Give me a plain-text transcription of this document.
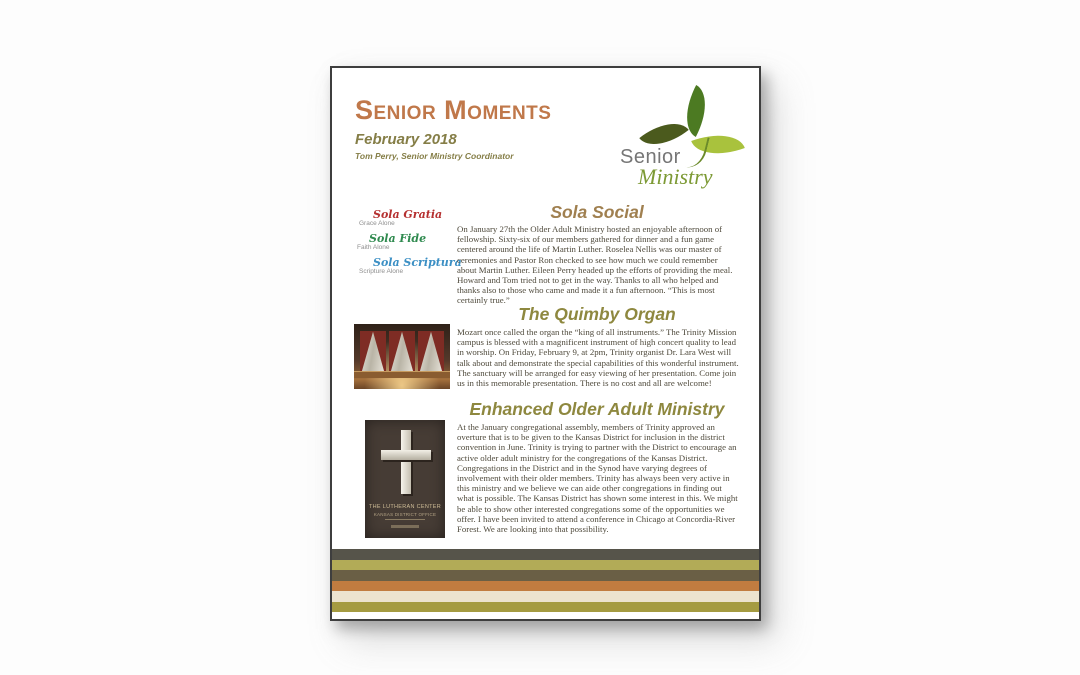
Senior Moments
February 2018
Tom Perry, Senior Ministry Coordinator	Senior
Ministry
Sola Gratia
Grace Alone
Sola Fide
Faith Alone
Sola Scriptura
Scripture Alone
Sola Social
On January 27th the Older Adult Ministry hosted an enjoyable afternoon of fellowship. Sixty-six of our members gathered for dinner and a fun game centered around the life of Martin Luther. Roselea Nellis was our master of ceremonies and Pastor Ron checked to see how much we could remember about Martin Luther. Eileen Perry headed up the efforts of providing the meal. Howard and Tom tried not to get in the way. Thanks to all who helped and thanks also to those who came and made it a fun afternoon. “This is most certainly true.”
The Quimby Organ
Mozart once called the organ the “king of all instruments.” The Trinity Mission campus is blessed with a magnificent instrument of high concert quality to lead in worship. On Friday, February 9, at 2pm, Trinity organist Dr. Lara West will talk about and demonstrate the special capabilities of this wonderful instrument. The sanctuary will be arranged for easy viewing of her presentation. Come join us in this memorable presentation. There is no cost and all are welcome!
Enhanced Older Adult Ministry
THE LUTHERAN CENTER
KANSAS DISTRICT OFFICE
At the January congregational assembly, members of Trinity approved an overture that is to be given to the Kansas District for inclusion in the district convention in June. Trinity is trying to partner with the District to encourage an active older adult ministry for the congregations of the Kansas District. Congregations in the District and in the Synod have varying degrees of involvement with their older members. Trinity has always been very active in this ministry and we believe we can aide other congregations in finding out what is possible. The Kansas District has shown some interest in this. We might be able to show other interested congregations some of the opportunities we offer. I have been invited to attend a conference in Chicago at Concordia-River Forest. We are looking into that possibility.
